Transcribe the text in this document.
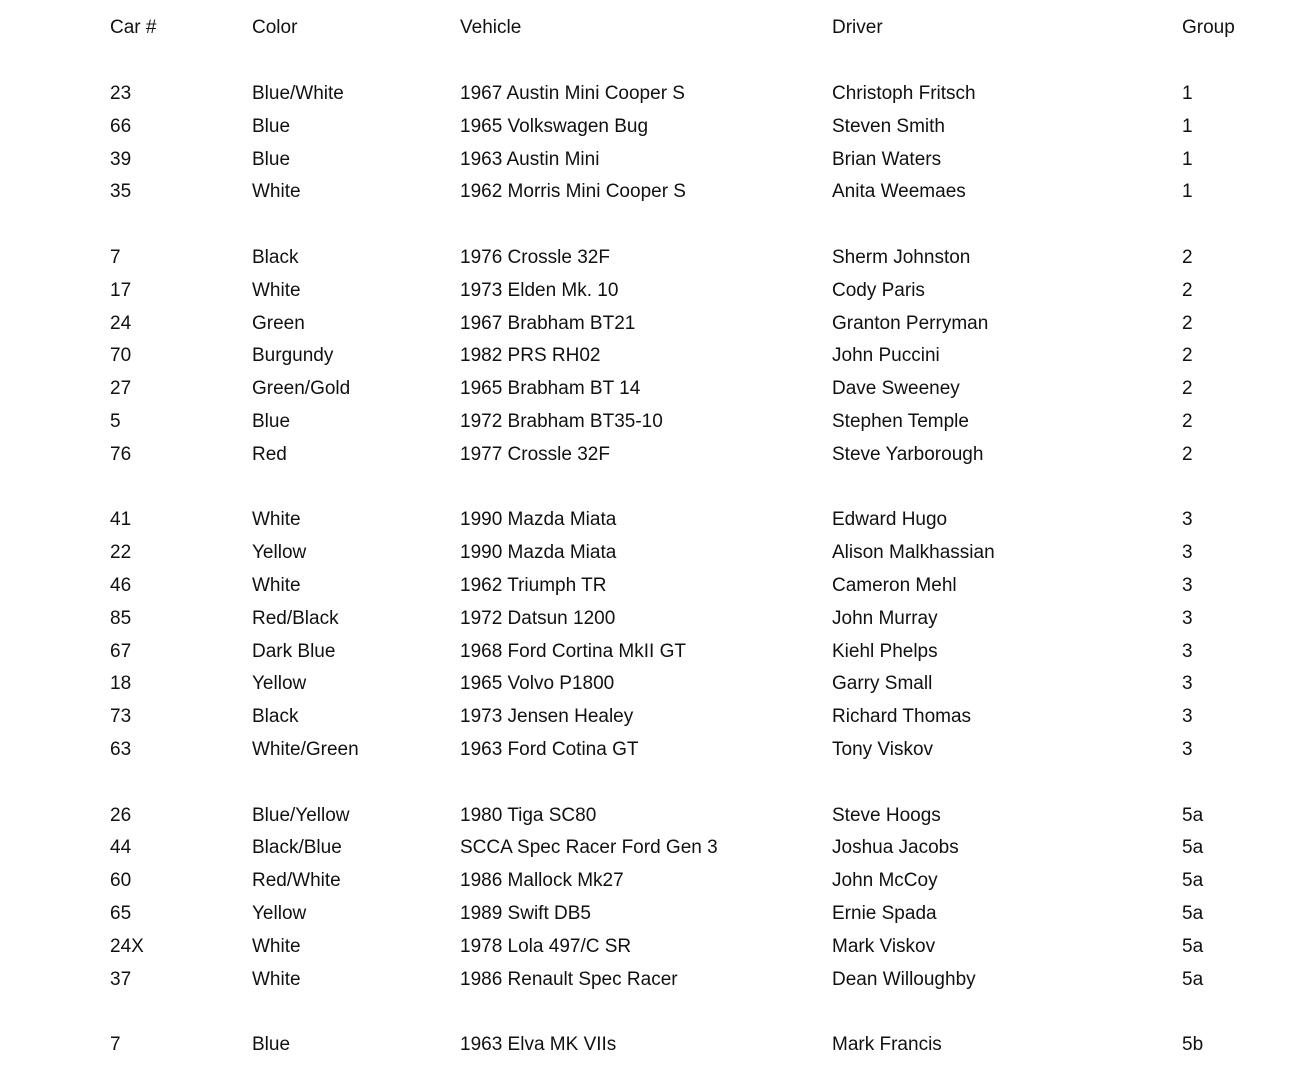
Car #	Color	Vehicle	Driver	Group
23	Blue/White	1967 Austin Mini Cooper S	Christoph Fritsch	1
66	Blue	1965 Volkswagen Bug	Steven Smith	1
39	Blue	1963 Austin Mini	Brian Waters	1
35	White	1962 Morris Mini Cooper S	Anita Weemaes	1
7	Black	1976 Crossle 32F	Sherm Johnston	2
17	White	1973 Elden Mk. 10	Cody Paris	2
24	Green	1967 Brabham BT21	Granton Perryman	2
70	Burgundy	1982 PRS RH02	John Puccini	2
27	Green/Gold	1965 Brabham BT 14	Dave Sweeney	2
5	Blue	1972 Brabham BT35-10	Stephen Temple	2
76	Red	1977 Crossle 32F	Steve Yarborough	2
41	White	1990 Mazda Miata	Edward Hugo	3
22	Yellow	1990 Mazda Miata	Alison Malkhassian	3
46	White	1962 Triumph TR	Cameron Mehl	3
85	Red/Black	1972 Datsun 1200	John Murray	3
67	Dark Blue	1968 Ford Cortina MkII GT	Kiehl Phelps	3
18	Yellow	1965 Volvo P1800	Garry Small	3
73	Black	1973 Jensen Healey	Richard Thomas	3
63	White/Green	1963 Ford Cotina GT	Tony Viskov	3
26	Blue/Yellow	1980 Tiga SC80	Steve Hoogs	5a
44	Black/Blue	SCCA Spec Racer Ford Gen 3	Joshua Jacobs	5a
60	Red/White	1986 Mallock Mk27	John McCoy	5a
65	Yellow	1989 Swift DB5	Ernie Spada	5a
24X	White	1978 Lola 497/C SR	Mark Viskov	5a
37	White	1986 Renault Spec Racer	Dean Willoughby	5a
7	Blue	1963 Elva MK VIIs	Mark Francis	5b
